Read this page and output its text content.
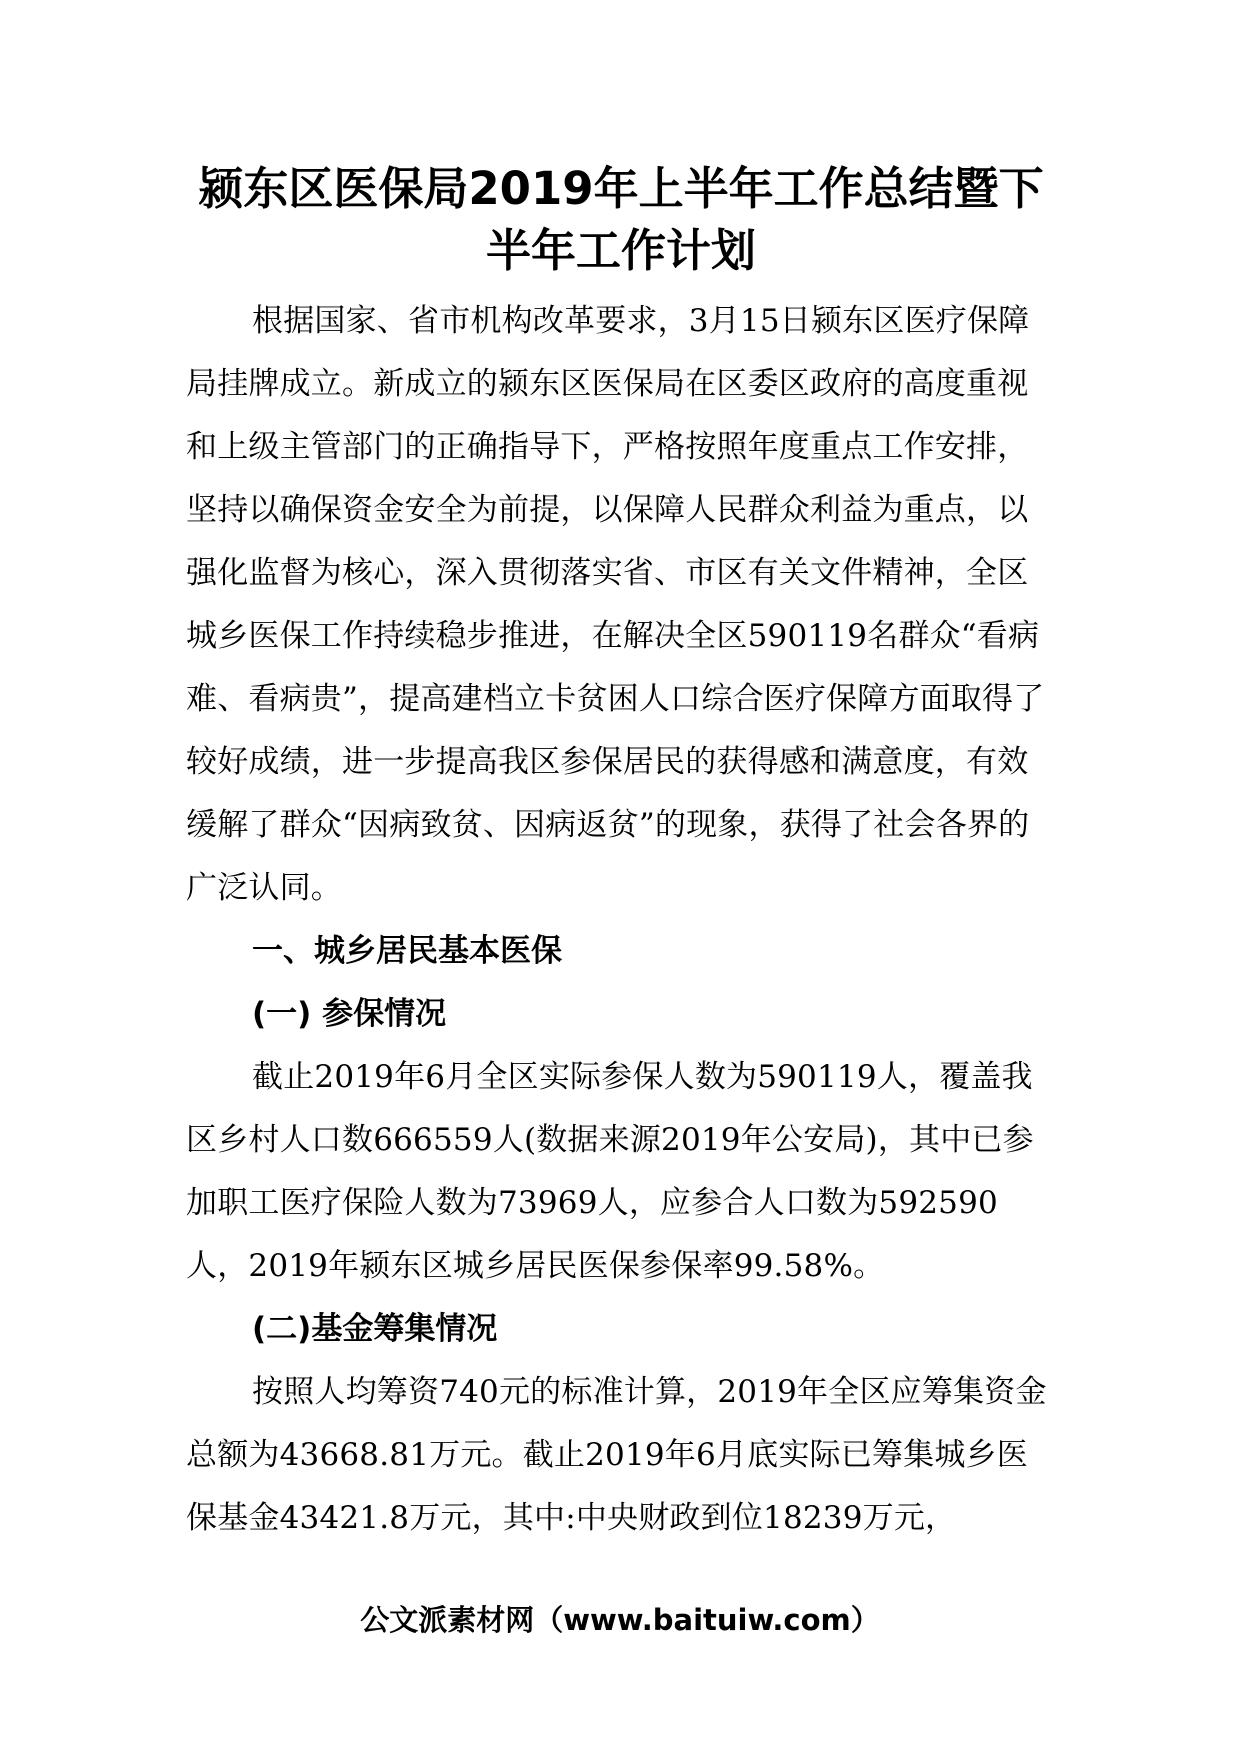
颍东区医保局2019年上半年工作总结暨下
半年工作计划

根据国家、省市机构改革要求，3月15日颍东区医疗保障局挂牌成立。新成立的颍东区医保局在区委区政府的高度重视和上级主管部门的正确指导下，严格按照年度重点工作安排，坚持以确保资金安全为前提，以保障人民群众利益为重点，以强化监督为核心，深入贯彻落实省、市区有关文件精神，全区城乡医保工作持续稳步推进，在解决全区590119名群众“看病难、看病贵”，提高建档立卡贫困人口综合医疗保障方面取得了较好成绩，进一步提高我区参保居民的获得感和满意度，有效缓解了群众“因病致贫、因病返贫”的现象，获得了社会各界的广泛认同。

一、城乡居民基本医保

(一) 参保情况

截止2019年6月全区实际参保人数为590119人，覆盖我区乡村人口数666559人(数据来源2019年公安局)，其中已参加职工医疗保险人数为73969人，应参合人口数为592590人，2019年颍东区城乡居民医保参保率99.58%。

(二)基金筹集情况

按照人均筹资740元的标准计算，2019年全区应筹集资金总额为43668.81万元。截止2019年6月底实际已筹集城乡医保基金43421.8万元，其中:中央财政到位18239万元，

公文派素材网（www.baituiw.com）
